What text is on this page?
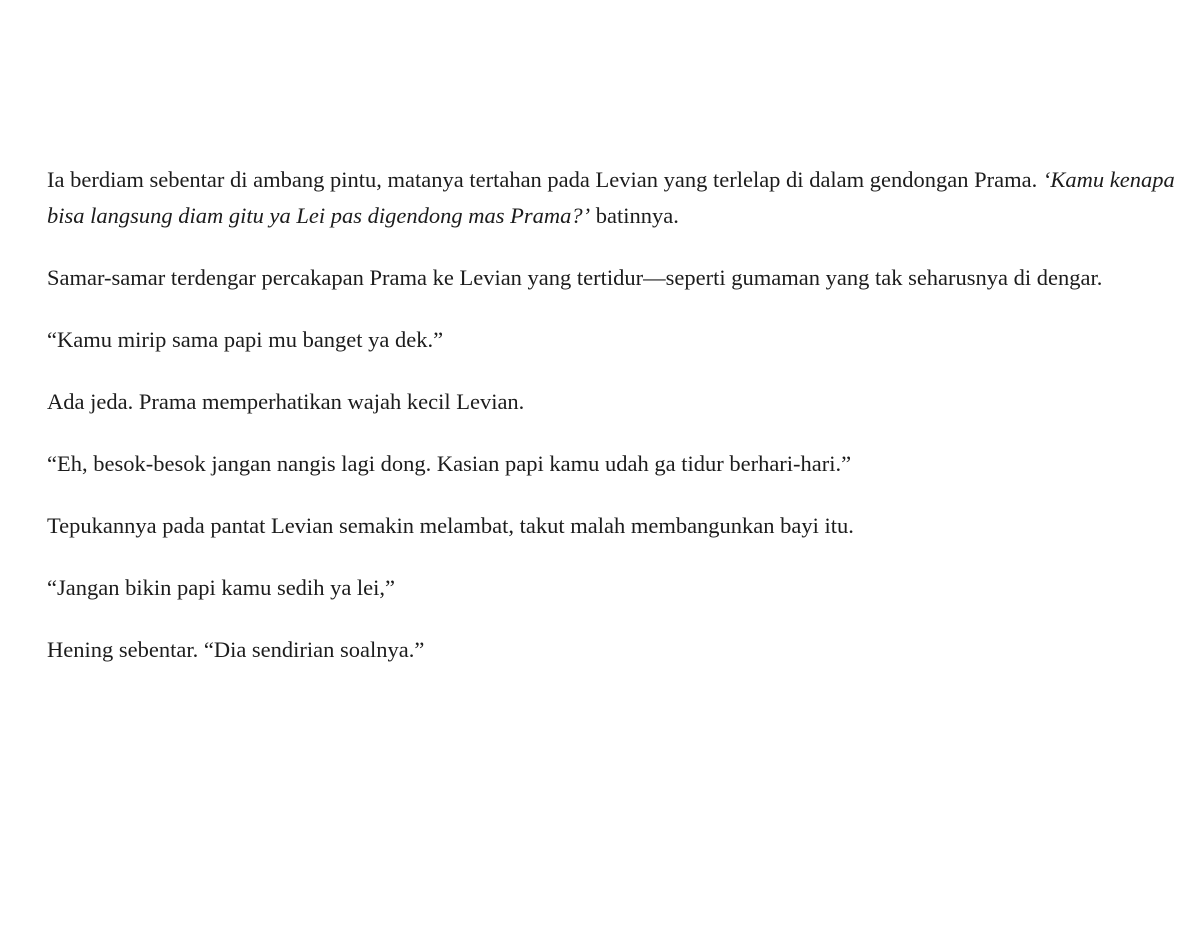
Ia berdiam sebentar di ambang pintu, matanya tertahan pada Levian yang terlelap di dalam gendongan Prama. ‘Kamu kenapa bisa langsung diam gitu ya Lei pas digendong mas Prama?’ batinnya.

Samar-samar terdengar percakapan Prama ke Levian yang tertidur—seperti gumaman yang tak seharusnya di dengar.

“Kamu mirip sama papi mu banget ya dek.”

Ada jeda. Prama memperhatikan wajah kecil Levian.

“Eh, besok-besok jangan nangis lagi dong. Kasian papi kamu udah ga tidur berhari-hari.”

Tepukannya pada pantat Levian semakin melambat, takut malah membangunkan bayi itu.

“Jangan bikin papi kamu sedih ya lei,”

Hening sebentar. “Dia sendirian soalnya.”
